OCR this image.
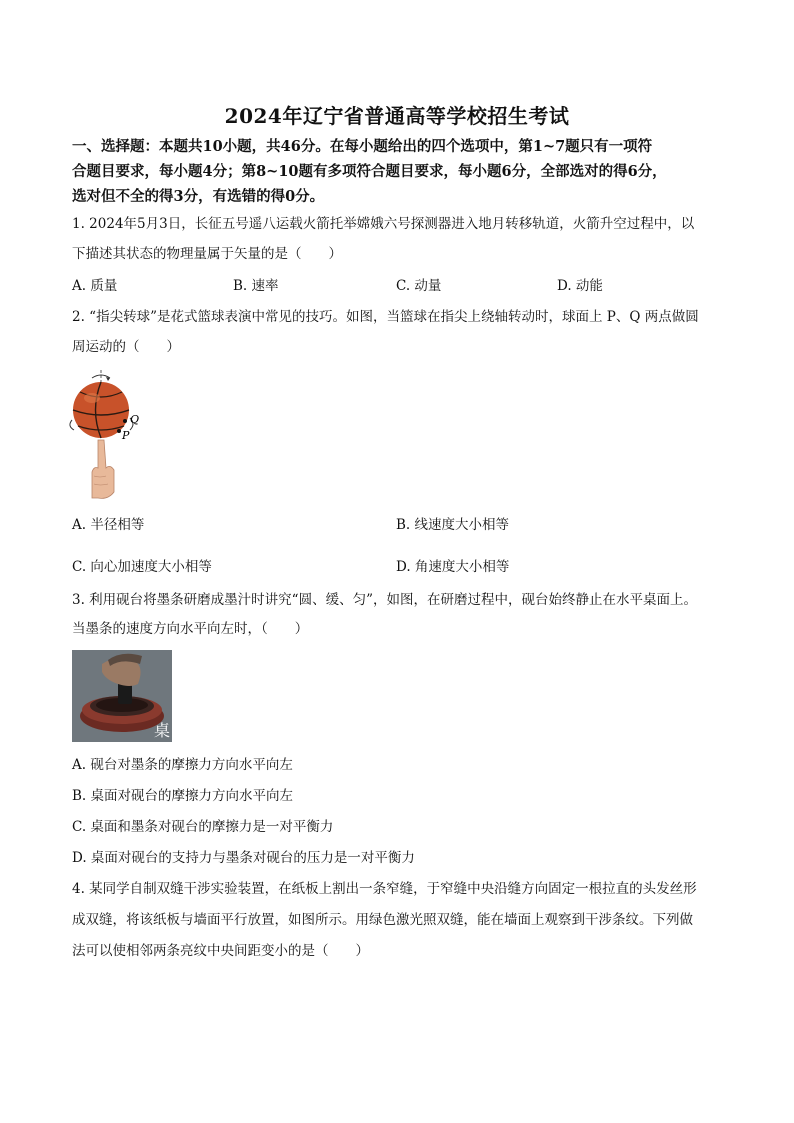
2024年辽宁省普通高等学校招生考试
一、选择题：本题共10小题，共46分。在每小题给出的四个选项中，第1~7题只有一项符
合题目要求，每小题4分；第8~10题有多项符合题目要求，每小题6分，全部选对的得6分，
选对但不全的得3分，有选错的得0分。
1. 2024年5月3日，长征五号遥八运载火箭托举嫦娥六号探测器进入地月转移轨道，火箭升空过程中，以
下描述其状态的物理量属于矢量的是（　　）
A. 质量	B. 速率	C. 动量	D. 动能
2. “指尖转球”是花式篮球表演中常见的技巧。如图，当篮球在指尖上绕轴转动时，球面上 P、Q 两点做圆
周运动的（　　）
Q
P
A. 半径相等	B. 线速度大小相等
C. 向心加速度大小相等	D. 角速度大小相等
3. 利用砚台将墨条研磨成墨汁时讲究“圆、缓、匀”，如图，在研磨过程中，砚台始终静止在水平桌面上。
当墨条的速度方向水平向左时，（　　）
桌
A. 砚台对墨条的摩擦力方向水平向左
B. 桌面对砚台的摩擦力方向水平向左
C. 桌面和墨条对砚台的摩擦力是一对平衡力
D. 桌面对砚台的支持力与墨条对砚台的压力是一对平衡力
4. 某同学自制双缝干涉实验装置，在纸板上割出一条窄缝，于窄缝中央沿缝方向固定一根拉直的头发丝形
成双缝，将该纸板与墙面平行放置，如图所示。用绿色激光照双缝，能在墙面上观察到干涉条纹。下列做
法可以使相邻两条亮纹中央间距变小的是（　　）
